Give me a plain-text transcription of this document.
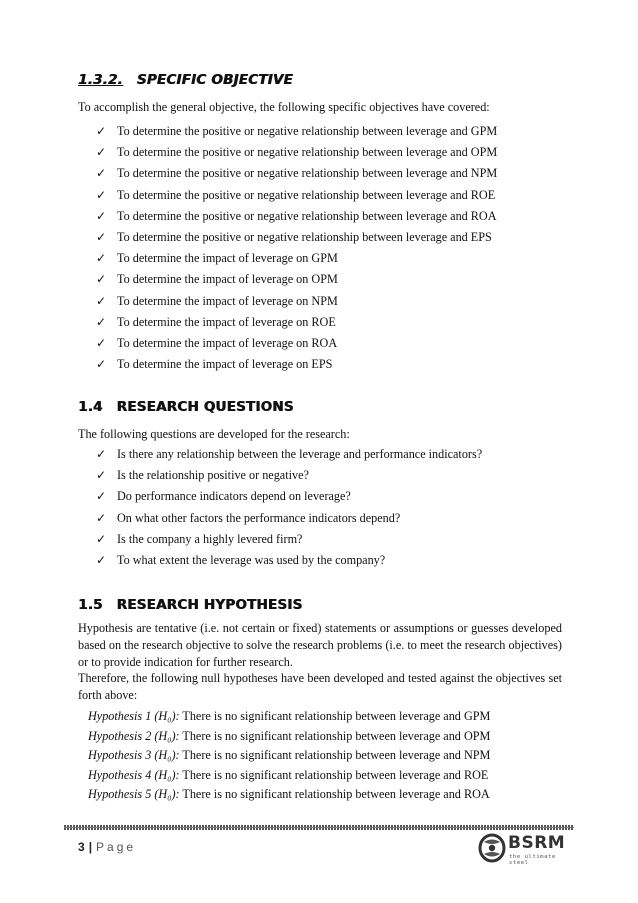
1.3.2. SPECIFIC OBJECTIVE
To accomplish the general objective, the following specific objectives have covered:
✓ To determine the positive or negative relationship between leverage and GPM
✓ To determine the positive or negative relationship between leverage and OPM
✓ To determine the positive or negative relationship between leverage and NPM
✓ To determine the positive or negative relationship between leverage and ROE
✓ To determine the positive or negative relationship between leverage and ROA
✓ To determine the positive or negative relationship between leverage and EPS
✓ To determine the impact of leverage on GPM
✓ To determine the impact of leverage on OPM
✓ To determine the impact of leverage on NPM
✓ To determine the impact of leverage on ROE
✓ To determine the impact of leverage on ROA
✓ To determine the impact of leverage on EPS
1.4 RESEARCH QUESTIONS
The following questions are developed for the research:
✓ Is there any relationship between the leverage and performance indicators?
✓ Is the relationship positive or negative?
✓ Do performance indicators depend on leverage?
✓ On what other factors the performance indicators depend?
✓ Is the company a highly levered firm?
✓ To what extent the leverage was used by the company?
1.5 RESEARCH HYPOTHESIS
Hypothesis are tentative (i.e. not certain or fixed) statements or assumptions or guesses developed based on the research objective to solve the research problems (i.e. to meet the research objectives) or to provide indication for further research.
Therefore, the following null hypotheses have been developed and tested against the objectives set forth above:
Hypothesis 1 (H₀): There is no significant relationship between leverage and GPM
Hypothesis 2 (H₀): There is no significant relationship between leverage and OPM
Hypothesis 3 (H₀): There is no significant relationship between leverage and NPM
Hypothesis 4 (H₀): There is no significant relationship between leverage and ROE
Hypothesis 5 (H₀): There is no significant relationship between leverage and ROA
3 | Page	BSRM
the ultimate steel
